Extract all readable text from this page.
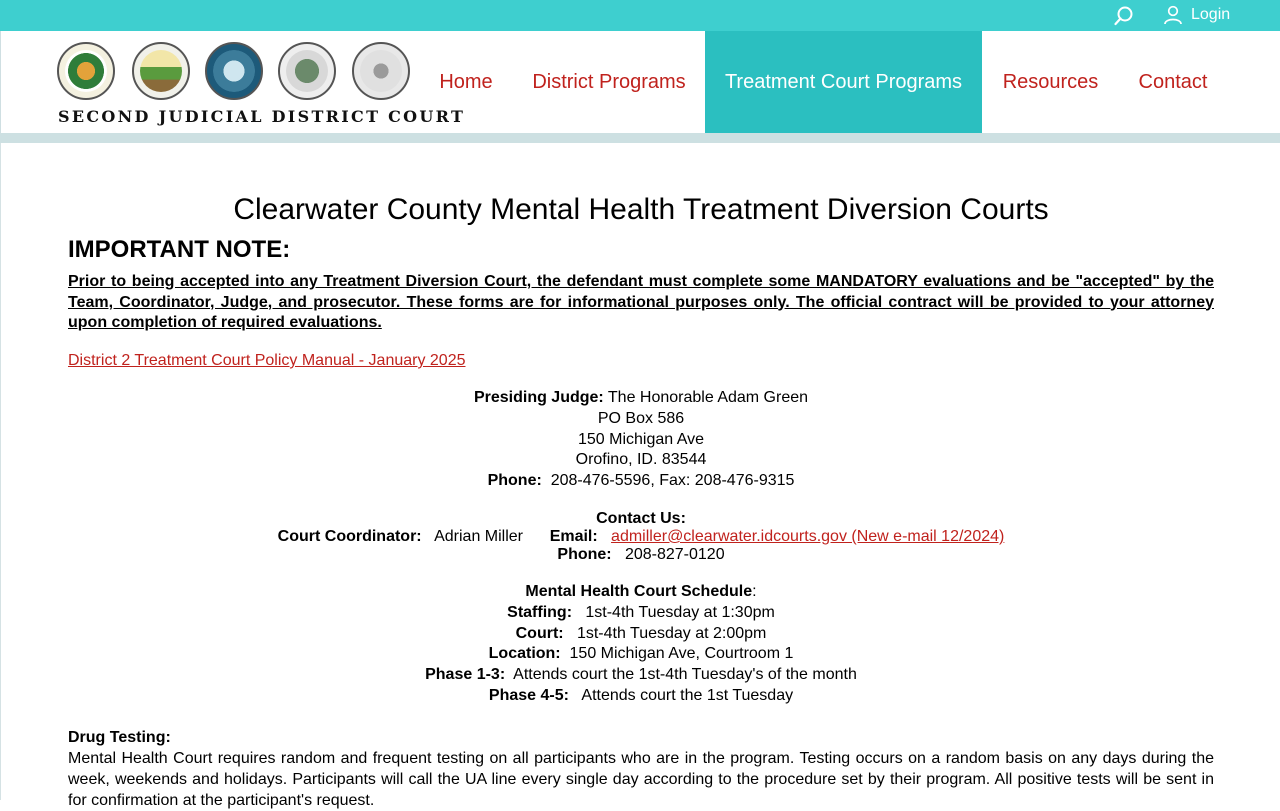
Login
SECOND JUDICIAL DISTRICT COURT
Home District Programs Treatment Court Programs Resources Contact
Clearwater County Mental Health Treatment Diversion Courts
IMPORTANT NOTE:
Prior to being accepted into any Treatment Diversion Court, the defendant must complete some MANDATORY evaluations and be "accepted" by the Team, Coordinator, Judge, and prosecutor. These forms are for informational purposes only. The official contract will be provided to your attorney upon completion of required evaluations.
District 2 Treatment Court Policy Manual - January 2025
Presiding Judge: The Honorable Adam Green
PO Box 586
150 Michigan Ave
Orofino, ID. 83544
Phone: 208-476-5596, Fax: 208-476-9315
Contact Us:
Court Coordinator: Adrian Miller Email: admiller@clearwater.idcourts.gov (New e-mail 12/2024)
Phone: 208-827-0120
Mental Health Court Schedule:
Staffing: 1st-4th Tuesday at 1:30pm
Court: 1st-4th Tuesday at 2:00pm
Location: 150 Michigan Ave, Courtroom 1
Phase 1-3: Attends court the 1st-4th Tuesday's of the month
Phase 4-5: Attends court the 1st Tuesday
Drug Testing:
Mental Health Court requires random and frequent testing on all participants who are in the program. Testing occurs on a random basis on any days during the week, weekends and holidays. Participants will call the UA line every single day according to the procedure set by their program. All positive tests will be sent in for confirmation at the participant's request.
